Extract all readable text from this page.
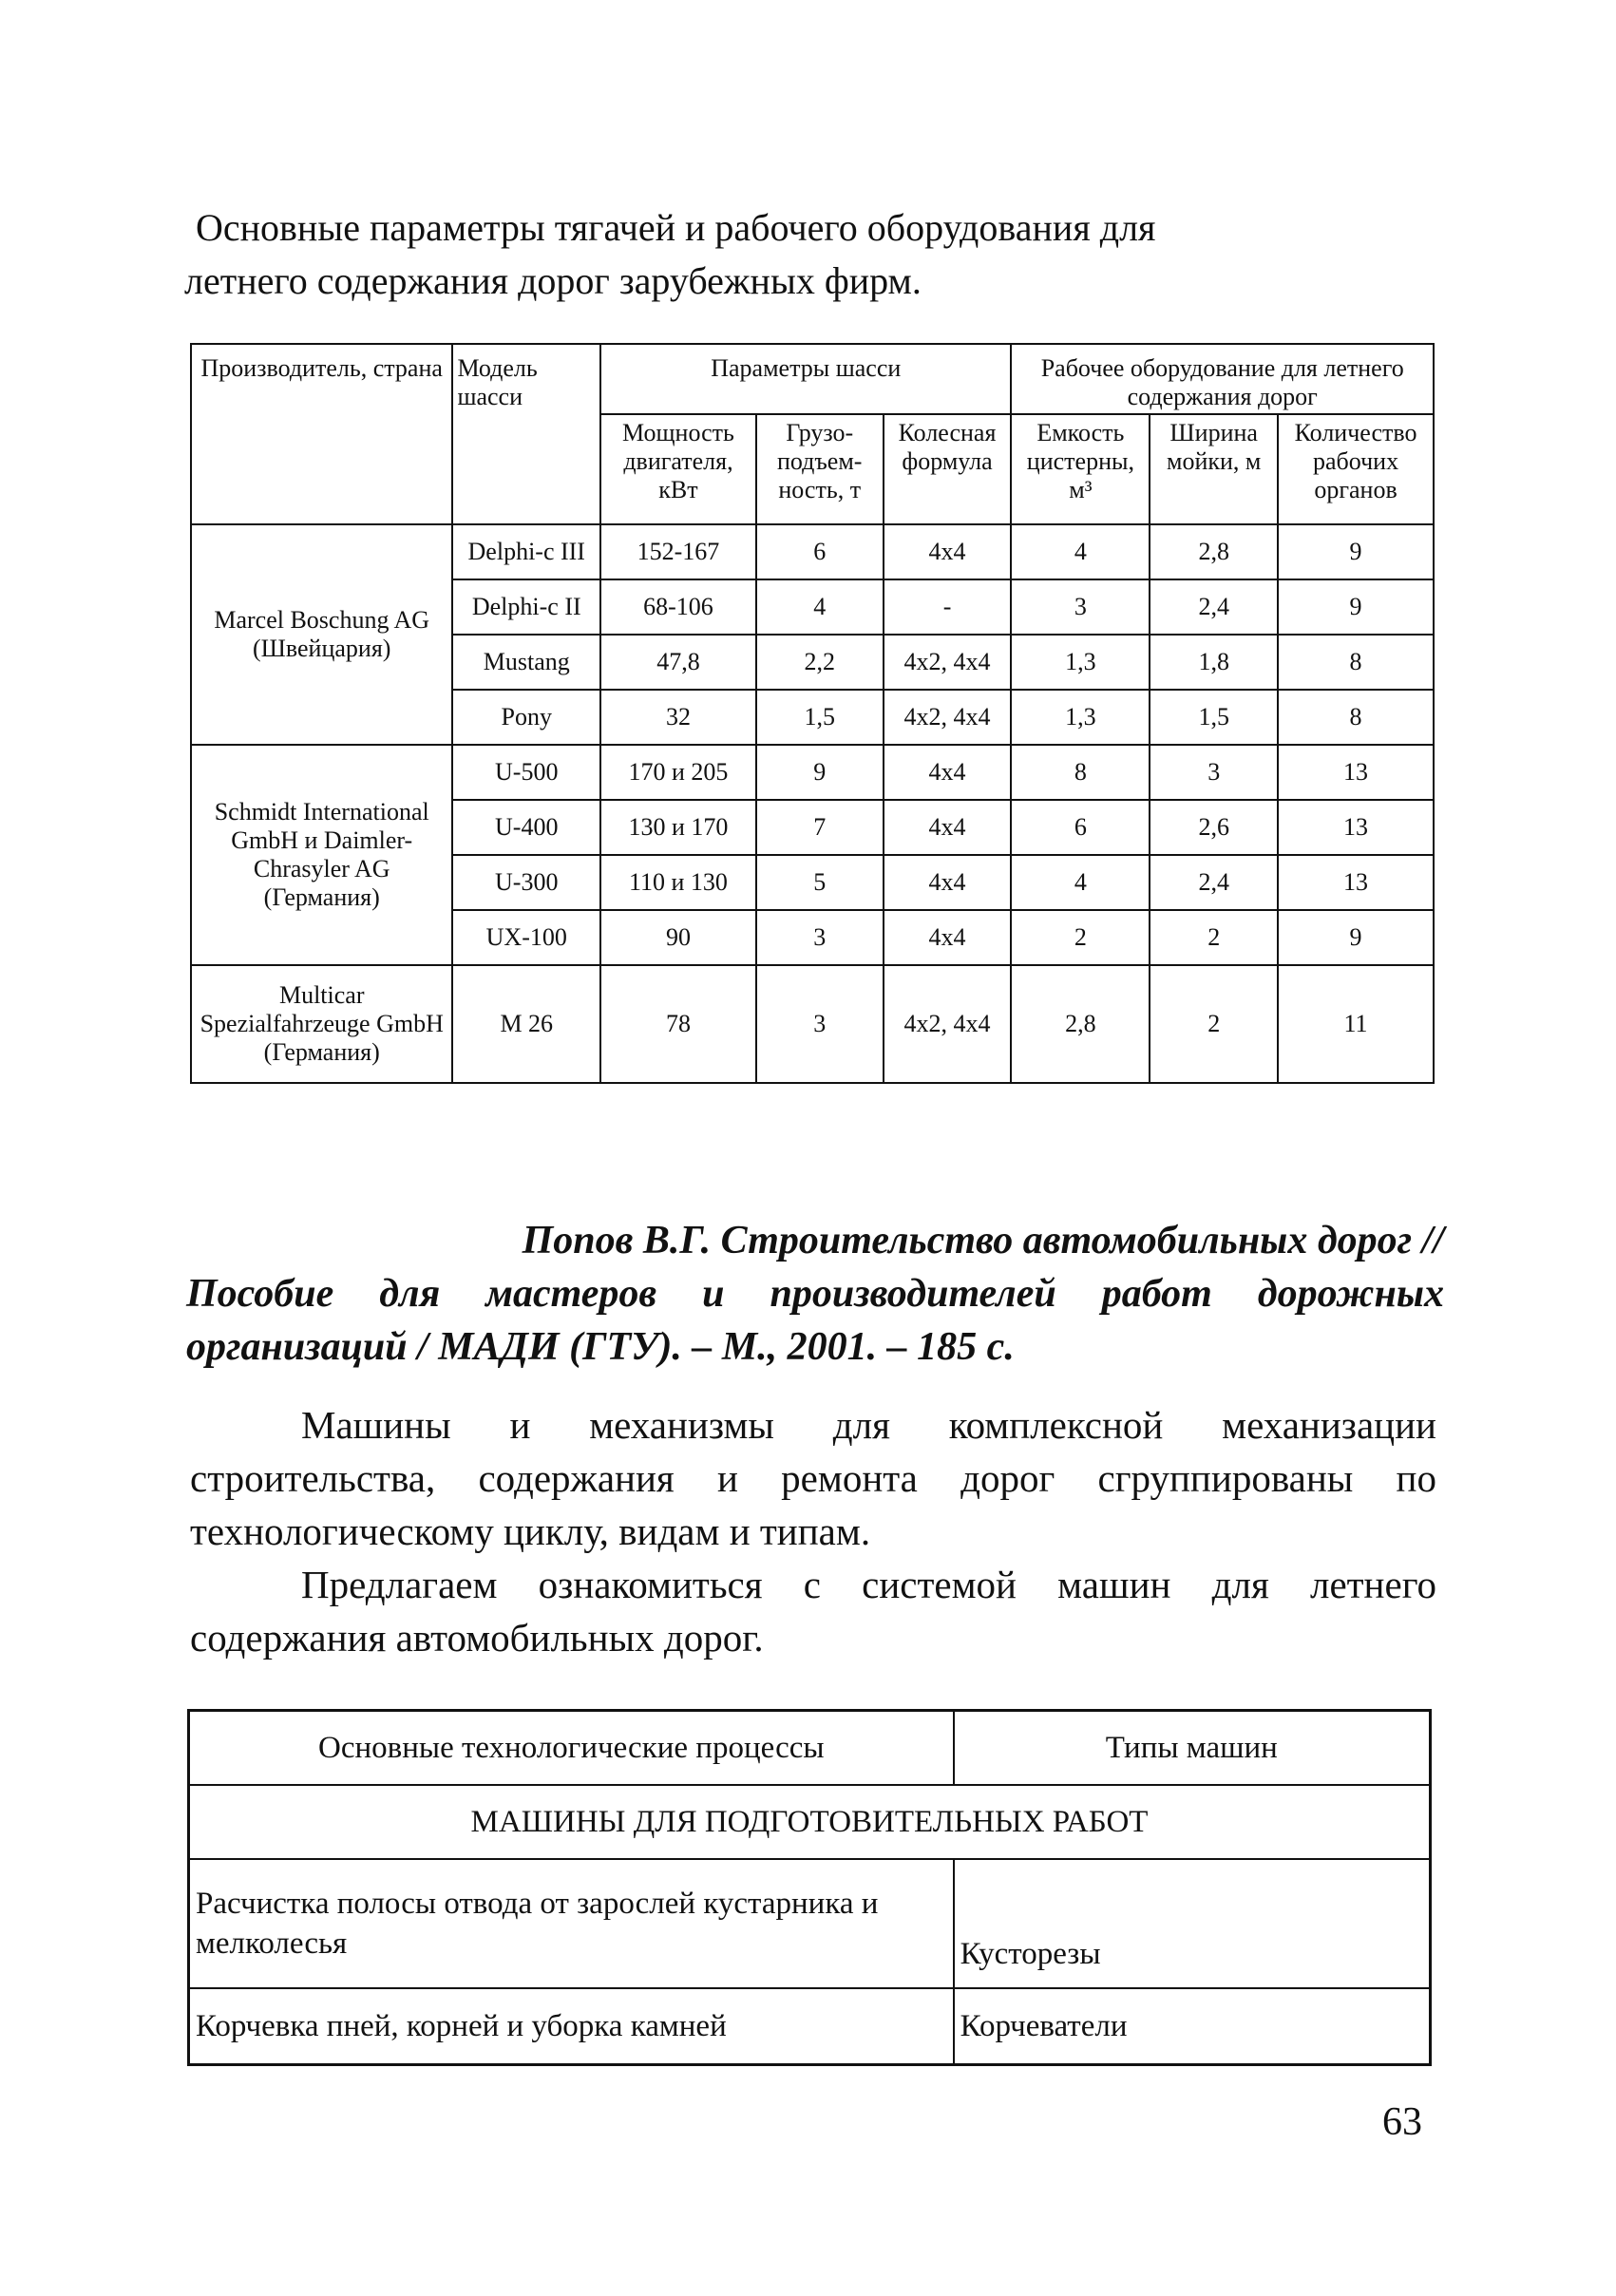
Основные параметры тягачей и рабочего оборудования для
летнего содержания дорог зарубежных фирм.
Производитель, страна	Модель шасси	Параметры шасси			Рабочее оборудование для летнего содержания дорог		
		Мощность двигателя, кВт	Грузо-подъем-ность, т	Колесная формула	Емкость цистерны, м³	Ширина мойки, м	Количество рабочих органов
Marcel Boschung AG (Швейцария)	Delphi-c III	152-167	6	4x4	4	2,8	9
	Delphi-c II	68-106	4	-	3	2,4	9
	Mustang	47,8	2,2	4x2, 4x4	1,3	1,8	8
	Pony	32	1,5	4x2, 4x4	1,3	1,5	8
Schmidt International GmbH и Daimler-Chrasyler AG (Германия)	U-500	170 и 205	9	4x4	8	3	13
	U-400	130 и 170	7	4x4	6	2,6	13
	U-300	110 и 130	5	4x4	4	2,4	13
	UX-100	90	3	4x4	2	2	9
Multicar Spezialfahrzeuge GmbH (Германия)	M 26	78	3	4x2, 4x4	2,8	2	11

Попов В.Г. Строительство автомобильных дорог //
Пособие для мастеров и производителей работ дорожных
организаций / МАДИ (ГТУ). – М., 2001. – 185 с.

Машины и механизмы для комплексной механизации строительства, содержания и ремонта дорог сгруппированы по технологическому циклу, видам и типам.

Предлагаем ознакомиться с системой машин для летнего содержания автомобильных дорог.

Основные технологические процессы	Типы машин
МАШИНЫ ДЛЯ ПОДГОТОВИТЕЛЬНЫХ РАБОТ	
Расчистка полосы отвода от зарослей кустарника и мелколесья	Кусторезы
Корчевка пней, корней и уборка камней	Корчеватели

63
